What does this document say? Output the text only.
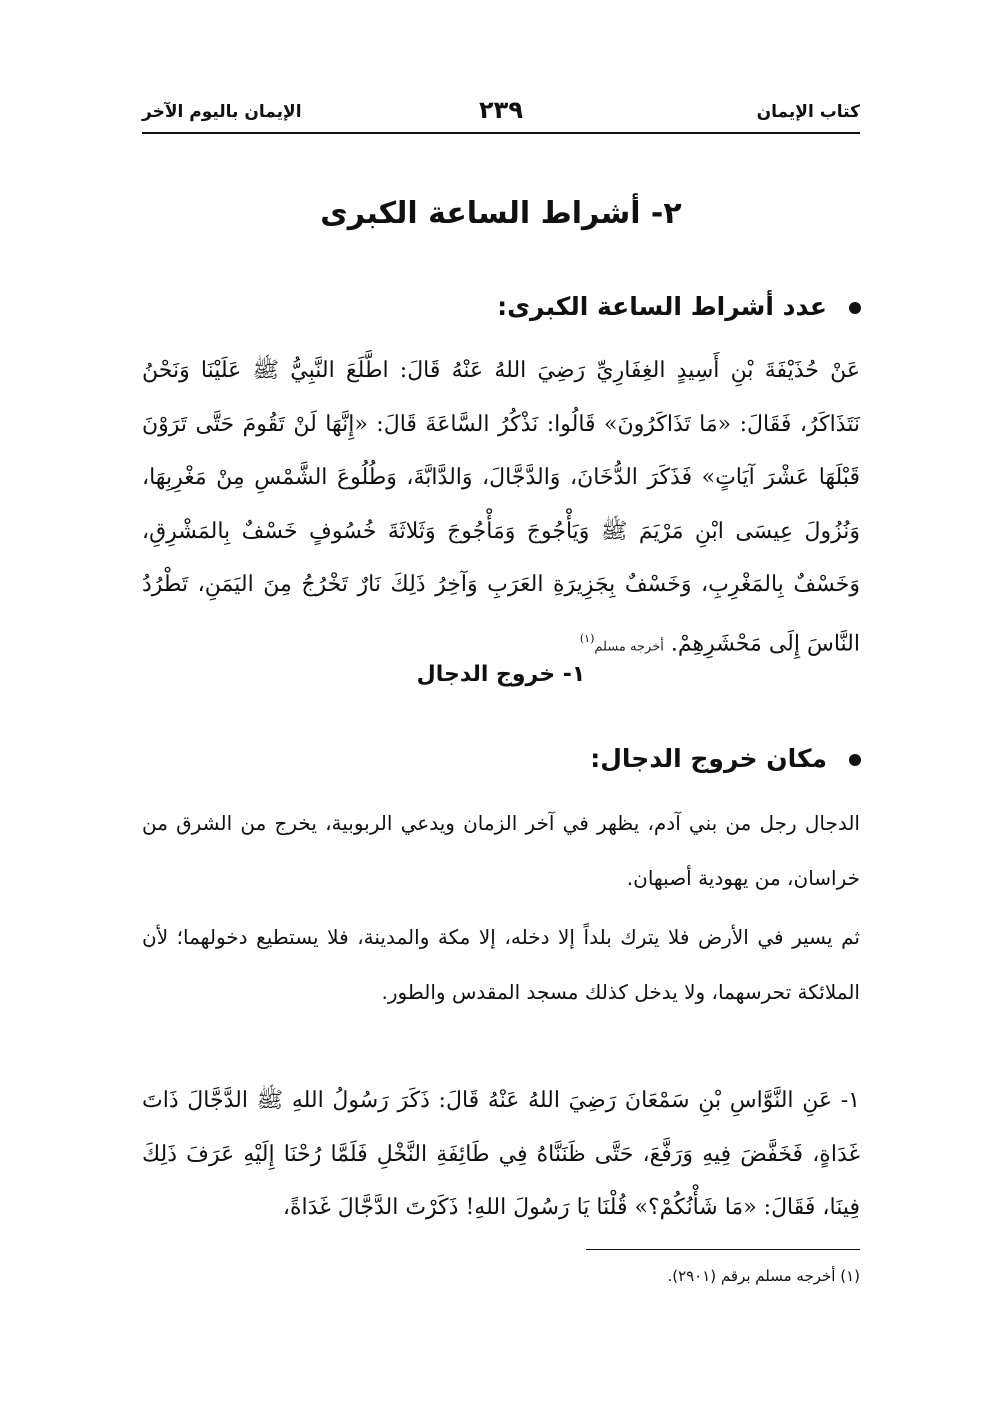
كتاب الإيمان
٢٣٩
الإيمان باليوم الآخر
٢- أشراط الساعة الكبرى
عدد أشراط الساعة الكبرى:
عَنْ حُذَيْفَةَ بْنِ أَسِيدٍ الغِفَارِيِّ رَضِيَ اللهُ عَنْهُ قَالَ: اطَّلَعَ النَّبِيُّ ﷺ عَلَيْنَا وَنَحْنُ نَتَذَاكَرُ، فَقَالَ: «مَا تَذَاكَرُونَ» قَالُوا: نَذْكُرُ السَّاعَةَ قَالَ: «إِنَّهَا لَنْ تَقُومَ حَتَّى تَرَوْنَ قَبْلَهَا عَشْرَ آيَاتٍ» فَذَكَرَ الدُّخَانَ، وَالدَّجَّالَ، وَالدَّابَّةَ، وَطُلُوعَ الشَّمْسِ مِنْ مَغْرِبِهَا، وَنُزُولَ عِيسَى ابْنِ مَرْيَمَ ﷺ وَيَأْجُوجَ وَمَأْجُوجَ وَثَلاثَةَ خُسُوفٍ خَسْفٌ بِالمَشْرِقِ، وَخَسْفٌ بِالمَغْرِبِ، وَخَسْفٌ بِجَزِيرَةِ العَرَبِ وَآخِرُ ذَلِكَ نَارٌ تَخْرُجُ مِنَ اليَمَنِ، تَطْرُدُ النَّاسَ إِلَى مَحْشَرِهِمْ. أخرجه مسلم$^{(١)}$
١- خروج الدجال
مكان خروج الدجال:
الدجال رجل من بني آدم، يظهر في آخر الزمان ويدعي الربوبية، يخرج من الشرق من خراسان، من يهودية أصبهان.
ثم يسير في الأرض فلا يترك بلداً إلا دخله، إلا مكة والمدينة، فلا يستطيع دخولهما؛ لأن الملائكة تحرسهما، ولا يدخل كذلك مسجد المقدس والطور.
١- عَنِ النَّوَّاسِ بْنِ سَمْعَانَ رَضِيَ اللهُ عَنْهُ قَالَ: ذَكَرَ رَسُولُ اللهِ ﷺ الدَّجَّالَ ذَاتَ غَدَاةٍ، فَخَفَّضَ فِيهِ وَرَفَّعَ، حَتَّى ظَنَنَّاهُ فِي طَائِفَةِ النَّخْلِ فَلَمَّا رُحْنَا إِلَيْهِ عَرَفَ ذَلِكَ فِينَا، فَقَالَ: «مَا شَأْنُكُمْ؟» قُلْنَا يَا رَسُولَ اللهِ! ذَكَرْتَ الدَّجَّالَ غَدَاةً،
(١) أخرجه مسلم برقم (٢٩٠١).
